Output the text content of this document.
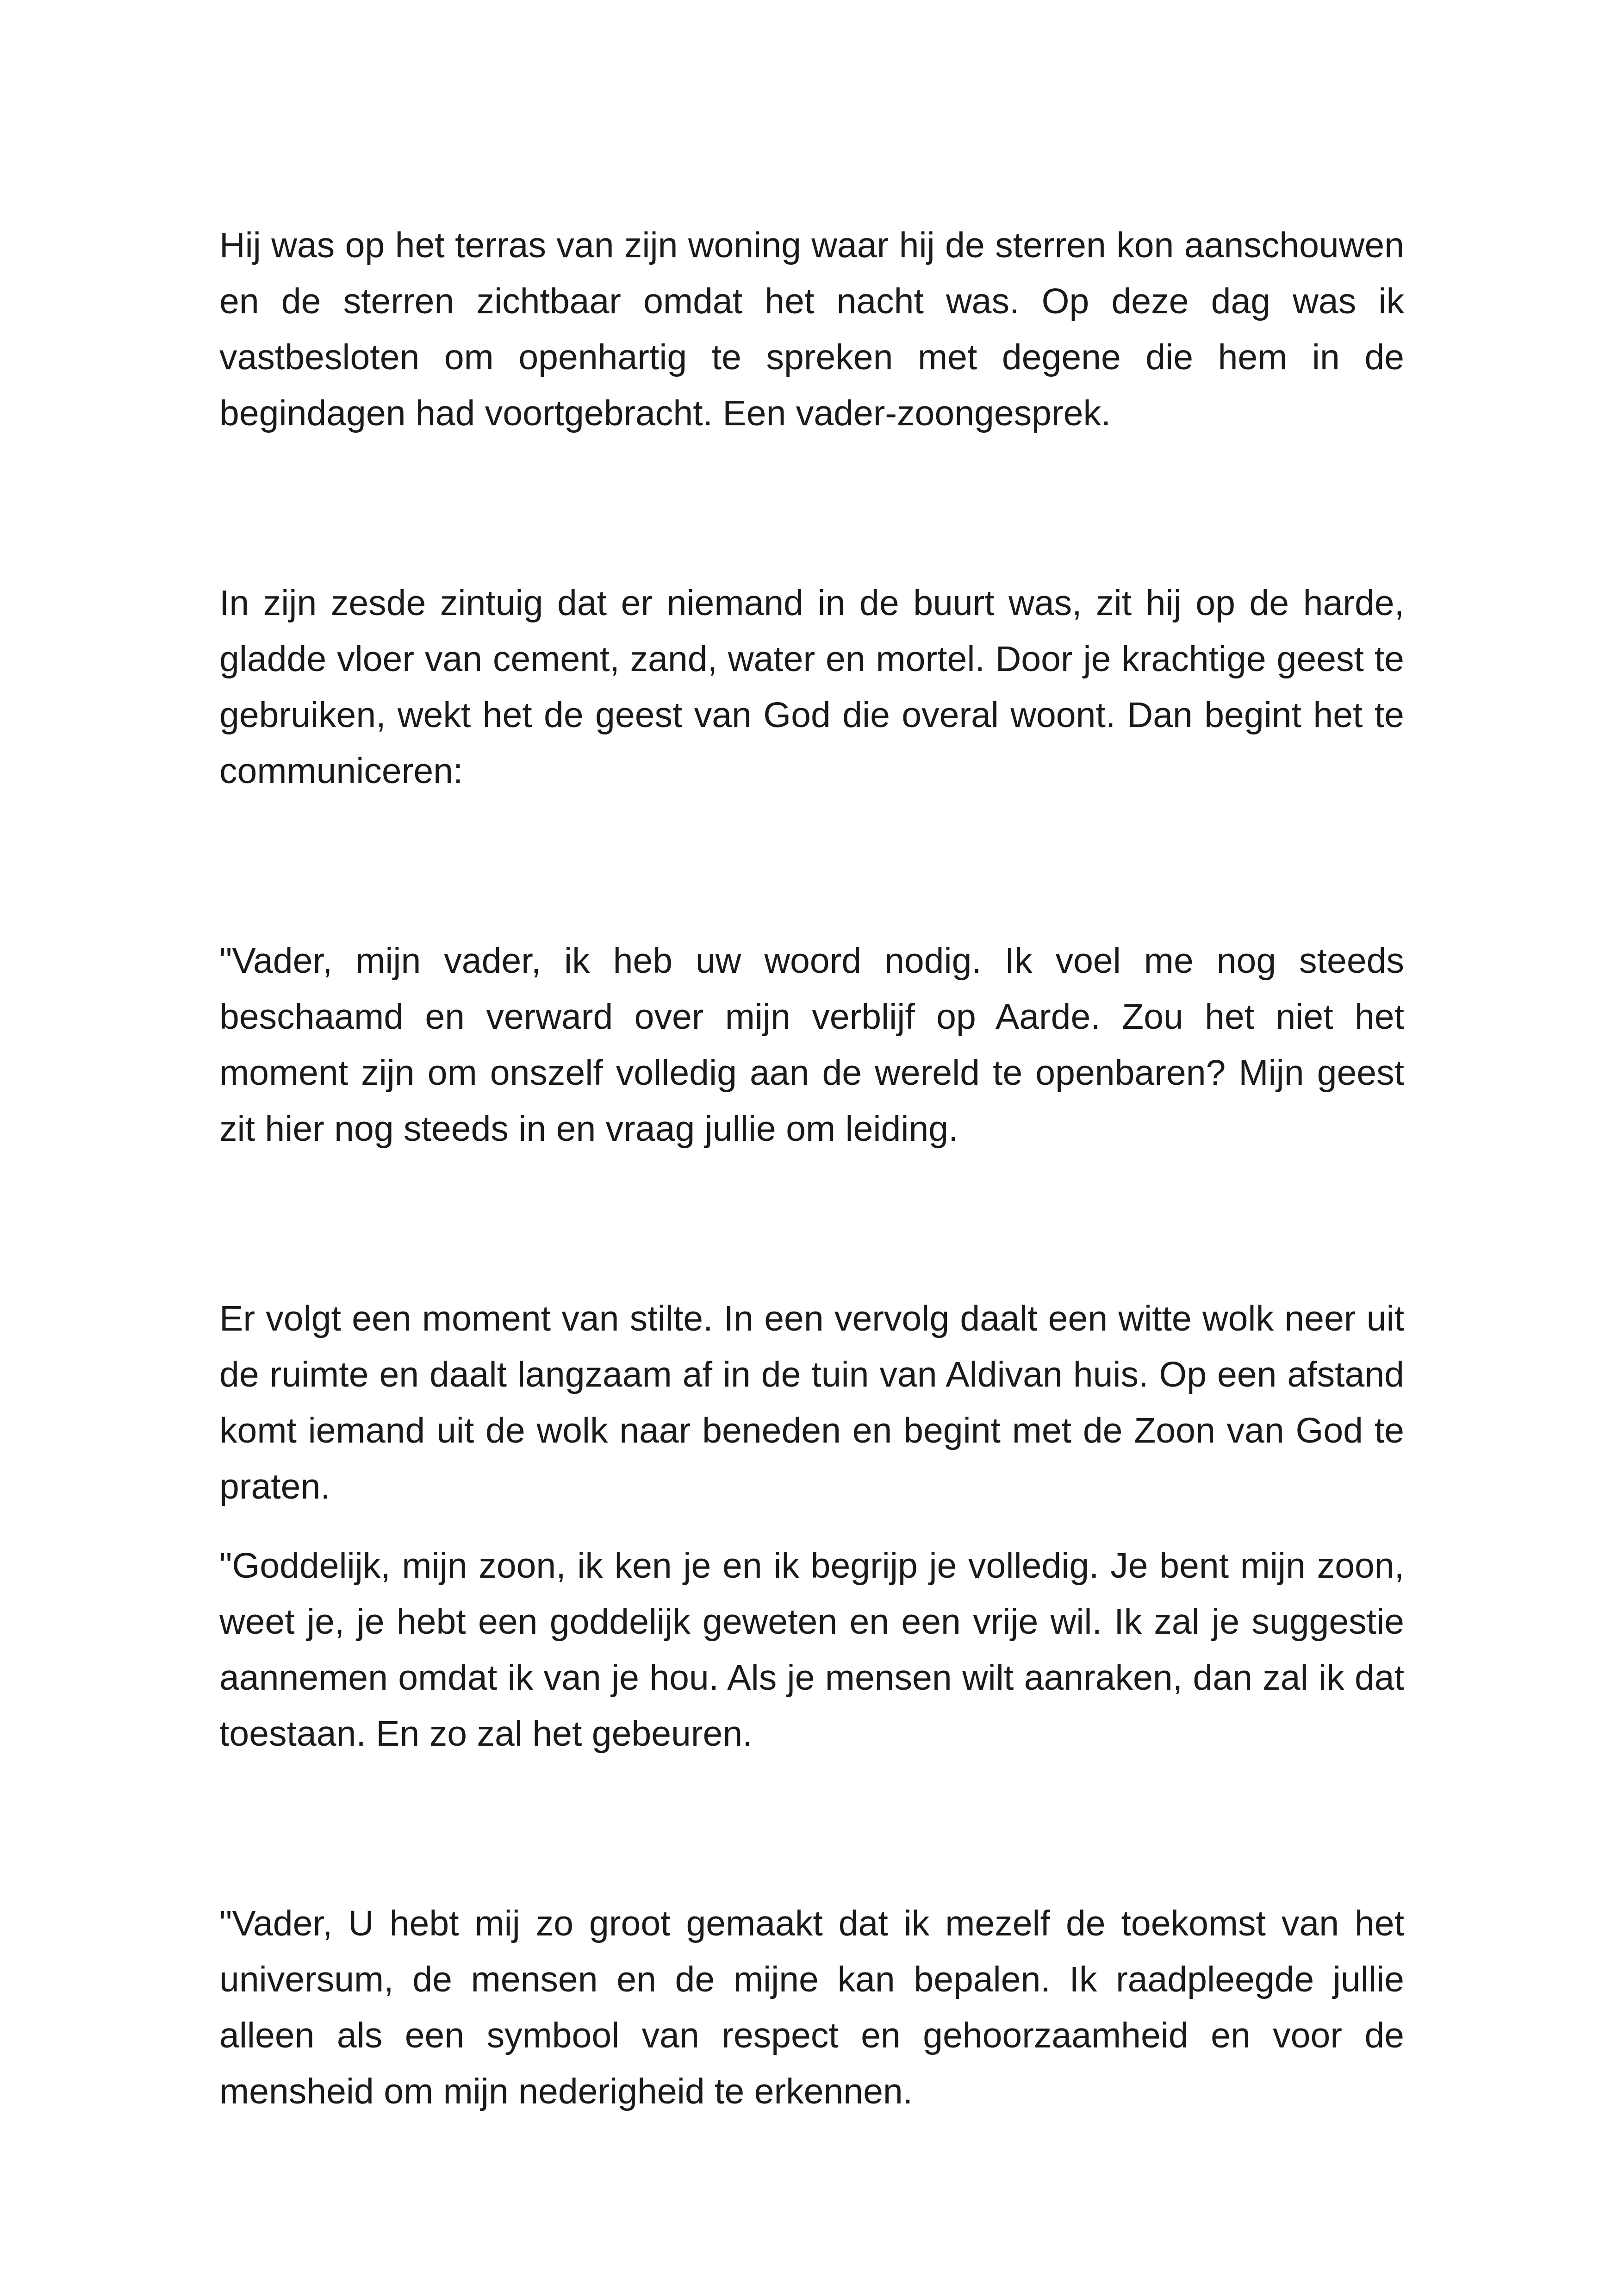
Hij was op het terras van zijn woning waar hij de sterren kon aanschouwen en de sterren zichtbaar omdat het nacht was. Op deze dag was ik vastbesloten om openhartig te spreken met degene die hem in de begindagen had voortgebracht. Een vader-zoongesprek.

In zijn zesde zintuig dat er niemand in de buurt was, zit hij op de harde, gladde vloer van cement, zand, water en mortel. Door je krachtige geest te gebruiken, wekt het de geest van God die overal woont. Dan begint het te communiceren:

"Vader, mijn vader, ik heb uw woord nodig. Ik voel me nog steeds beschaamd en verward over mijn verblijf op Aarde. Zou het niet het moment zijn om onszelf volledig aan de wereld te openbaren? Mijn geest zit hier nog steeds in en vraag jullie om leiding.

Er volgt een moment van stilte. In een vervolg daalt een witte wolk neer uit de ruimte en daalt langzaam af in de tuin van Aldivan huis. Op een afstand komt iemand uit de wolk naar beneden en begint met de Zoon van God te praten.

"Goddelijk, mijn zoon, ik ken je en ik begrijp je volledig. Je bent mijn zoon, weet je, je hebt een goddelijk geweten en een vrije wil. Ik zal je suggestie aannemen omdat ik van je hou. Als je mensen wilt aanraken, dan zal ik dat toestaan. En zo zal het gebeuren.

"Vader, U hebt mij zo groot gemaakt dat ik mezelf de toekomst van het universum, de mensen en de mijne kan bepalen. Ik raadpleegde jullie alleen als een symbool van respect en gehoorzaamheid en voor de mensheid om mijn nederigheid te erkennen.
